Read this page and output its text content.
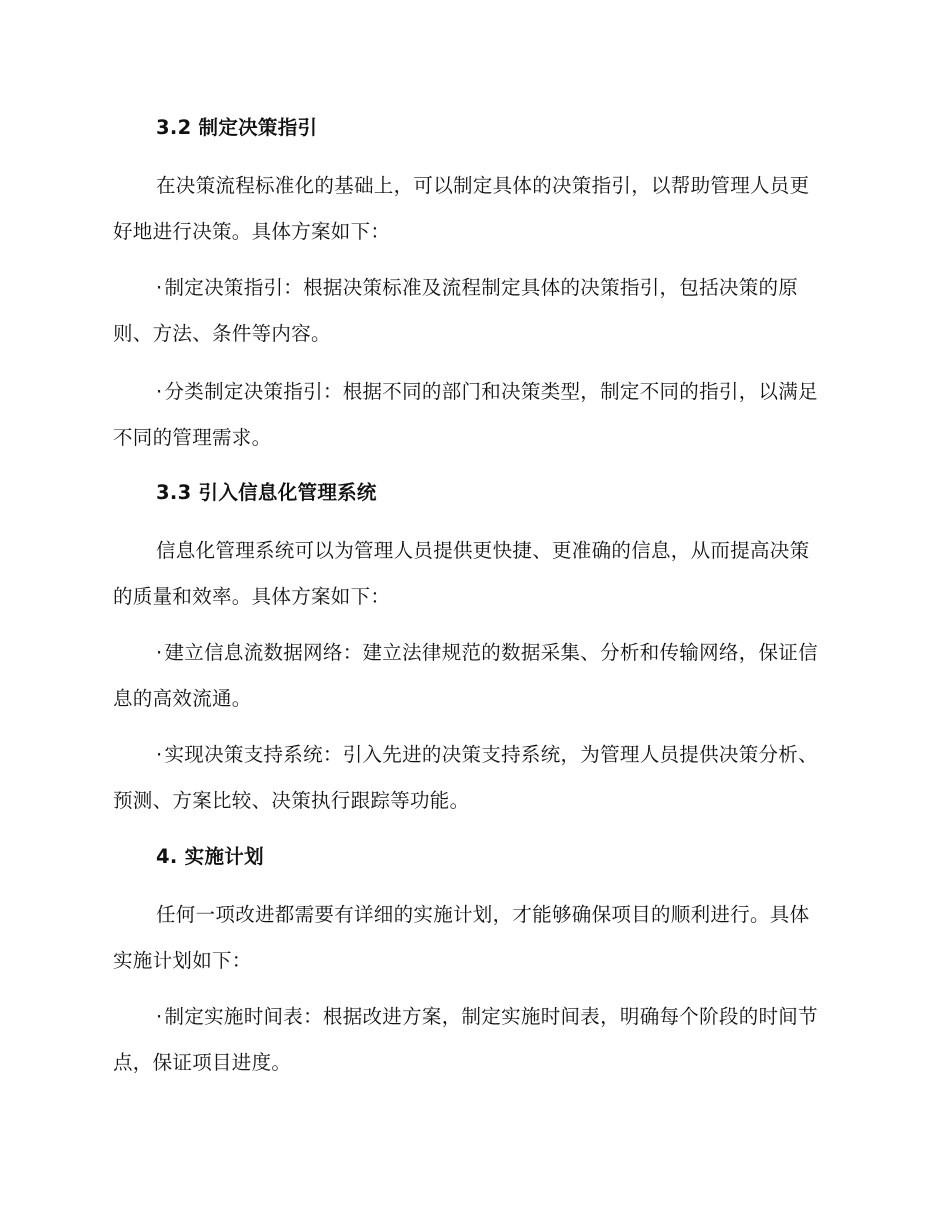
3.2 制定决策指引

在决策流程标准化的基础上，可以制定具体的决策指引，以帮助管理人员更好地进行决策。具体方案如下：

· 制定决策指引：根据决策标准及流程制定具体的决策指引，包括决策的原则、方法、条件等内容。

· 分类制定决策指引：根据不同的部门和决策类型，制定不同的指引，以满足不同的管理需求。

3.3 引入信息化管理系统

信息化管理系统可以为管理人员提供更快捷、更准确的信息，从而提高决策的质量和效率。具体方案如下：

· 建立信息流数据网络：建立法律规范的数据采集、分析和传输网络，保证信息的高效流通。

· 实现决策支持系统：引入先进的决策支持系统，为管理人员提供决策分析、预测、方案比较、决策执行跟踪等功能。

4. 实施计划

任何一项改进都需要有详细的实施计划，才能够确保项目的顺利进行。具体实施计划如下：

· 制定实施时间表：根据改进方案，制定实施时间表，明确每个阶段的时间节点，保证项目进度。
